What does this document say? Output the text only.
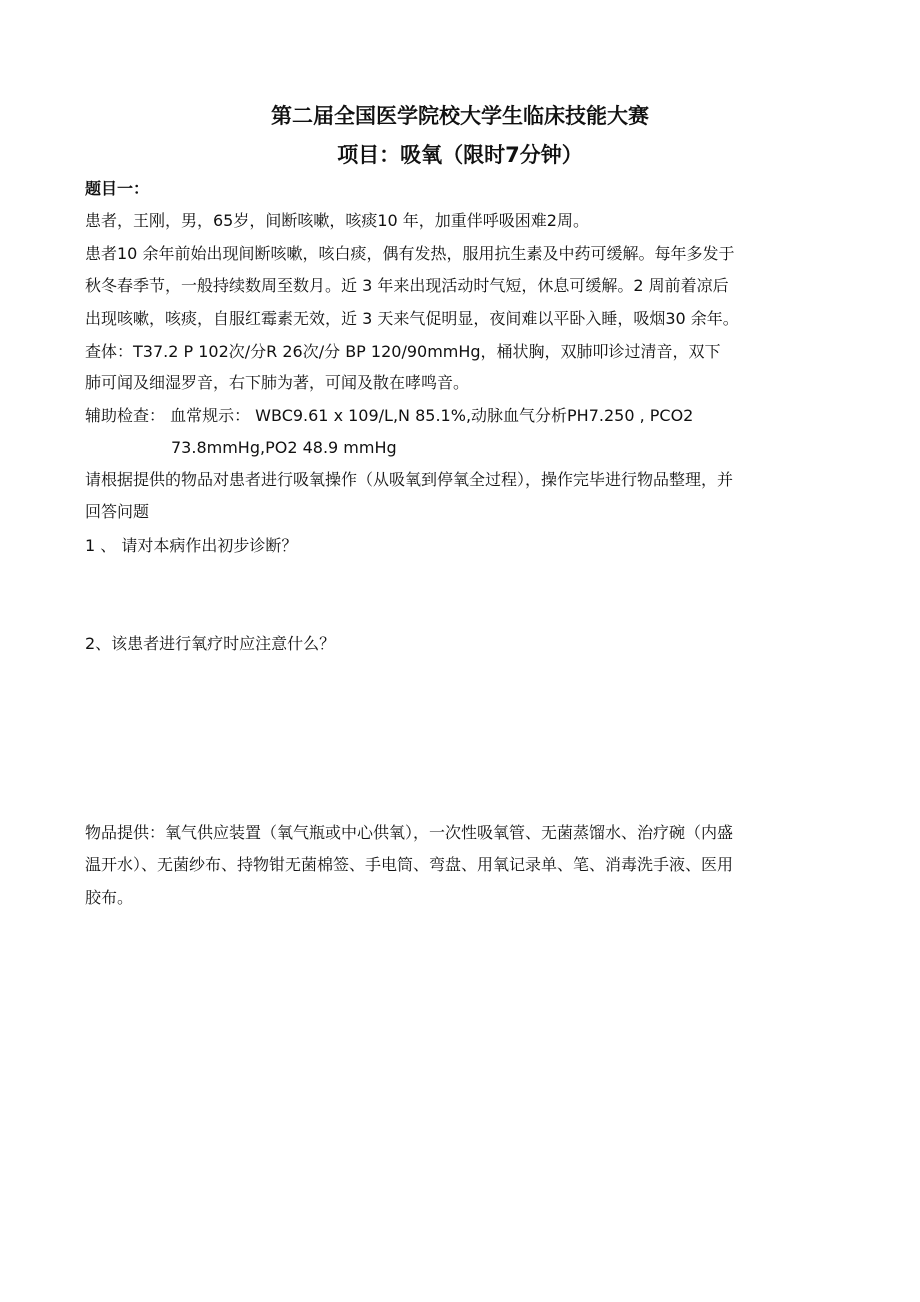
第二届全国医学院校大学生临床技能大赛
项目：吸氧（限时7分钟）
题目一：
患者，王刚，男，65岁，间断咳嗽，咳痰10 年，加重伴呼吸困难2周。
患者10 余年前始出现间断咳嗽，咳白痰，偶有发热，服用抗生素及中药可缓解。每年多发于
秋冬春季节，一般持续数周至数月。近 3 年来出现活动时气短，休息可缓解。2 周前着凉后
出现咳嗽，咳痰，自服红霉素无效，近 3 天来气促明显，夜间难以平卧入睡，吸烟30 余年。
查体：T37.2 P 102次/分R 26次/分 BP 120/90mmHg，桶状胸，双肺叩诊过清音，双下
肺可闻及细湿罗音，右下肺为著，可闻及散在哮鸣音。
辅助检查： 血常规示： WBC9.61 x 109/L,N 85.1%,动脉血气分析PH7.250 , PCO2
73.8mmHg,PO2 48.9 mmHg
请根据提供的物品对患者进行吸氧操作（从吸氧到停氧全过程），操作完毕进行物品整理，并
回答问题
1 、 请对本病作出初步诊断？
2、该患者进行氧疗时应注意什么？
物品提供：氧气供应装置（氧气瓶或中心供氧），一次性吸氧管、无菌蒸馏水、治疗碗（内盛
温开水）、无菌纱布、持物钳无菌棉签、手电筒、弯盘、用氧记录单、笔、消毒洗手液、医用
胶布。
